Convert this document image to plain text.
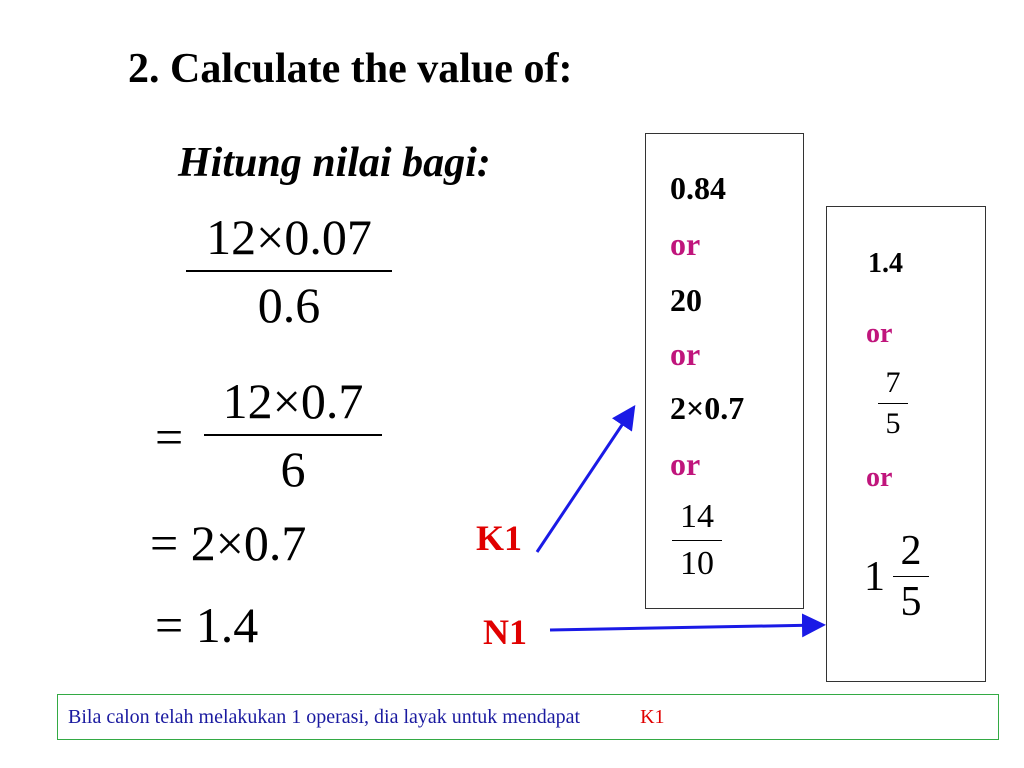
2. Calculate the value of:
Hitung nilai bagi:
12×0.07
0.6
=
12×0.7
6
= 2×0.7
= 1.4
0.84
or
20
or
2×0.7
or
14
10
1.4
or
7
5
or
1
2
5
K1
N1
Bila calon telah melakukan 1 operasi, dia layak untuk mendapat	K1
